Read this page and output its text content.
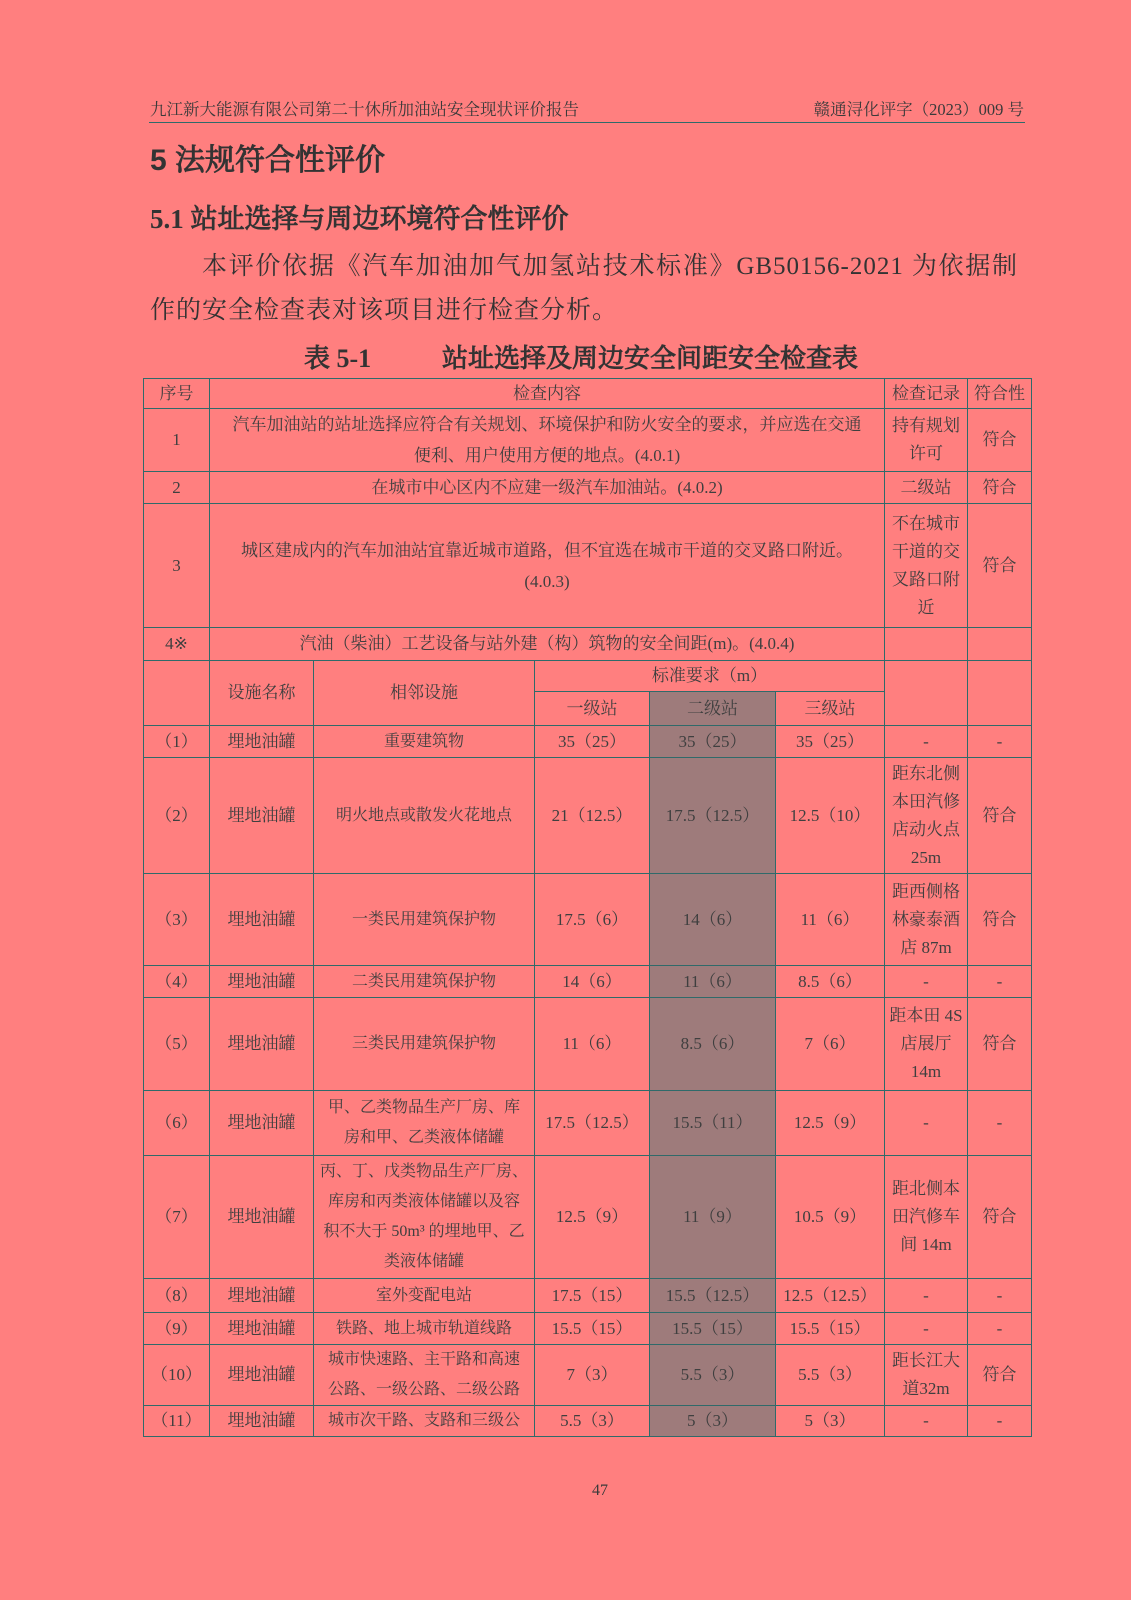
九江新大能源有限公司第二十休所加油站安全现状评价报告	赣通浔化评字（2023）009 号
5 法规符合性评价
5.1 站址选择与周边环境符合性评价

本评价依据《汽车加油加气加氢站技术标准》GB50156-2021 为依据制作的安全检查表对该项目进行检查分析。

表 5-1	站址选择及周边安全间距安全检查表
序号	检查内容					检查记录	符合性
1	汽车加油站的站址选择应符合有关规划、环境保护和防火安全的要求，并应选在交通
便利、用户使用方便的地点。(4.0.1)					持有规划许可	符合
2	在城市中心区内不应建一级汽车加油站。(4.0.2)					二级站	符合
3	城区建成内的汽车加油站宜靠近城市道路，但不宜选在城市干道的交叉路口附近。
(4.0.3)					不在城市干道的交叉路口附近	符合
4※	汽油（柴油）工艺设备与站外建（构）筑物的安全间距(m)。(4.0.4)						
	设施名称	相邻设施	标准要求（m）				
			一级站	二级站	三级站		
（1）	埋地油罐	重要建筑物	35（25）	35（25）	35（25）	-	-
（2）	埋地油罐	明火地点或散发火花地点	21（12.5）	17.5（12.5）	12.5（10）	距东北侧本田汽修店动火点25m	符合
（3）	埋地油罐	一类民用建筑保护物	17.5（6）	14（6）	11（6）	距西侧格林豪泰酒店 87m	符合
（4）	埋地油罐	二类民用建筑保护物	14（6）	11（6）	8.5（6）	-	-
（5）	埋地油罐	三类民用建筑保护物	11（6）	8.5（6）	7（6）	距本田 4S 店展厅 14m	符合
（6）	埋地油罐	甲、乙类物品生产厂房、库
房和甲、乙类液体储罐	17.5（12.5）	15.5（11）	12.5（9）	-	-
（7）	埋地油罐	丙、丁、戊类物品生产厂房、
库房和丙类液体储罐以及容
积不大于 50m³ 的埋地甲、乙
类液体储罐	12.5（9）	11（9）	10.5（9）	距北侧本田汽修车间 14m	符合
（8）	埋地油罐	室外变配电站	17.5（15）	15.5（12.5）	12.5（12.5）	-	-
（9）	埋地油罐	铁路、地上城市轨道线路	15.5（15）	15.5（15）	15.5（15）	-	-
（10）	埋地油罐	城市快速路、主干路和高速
公路、一级公路、二级公路	7（3）	5.5（3）	5.5（3）	距长江大道32m	符合
（11）	埋地油罐	城市次干路、支路和三级公	5.5（3）	5（3）	5（3）	-	-
47
